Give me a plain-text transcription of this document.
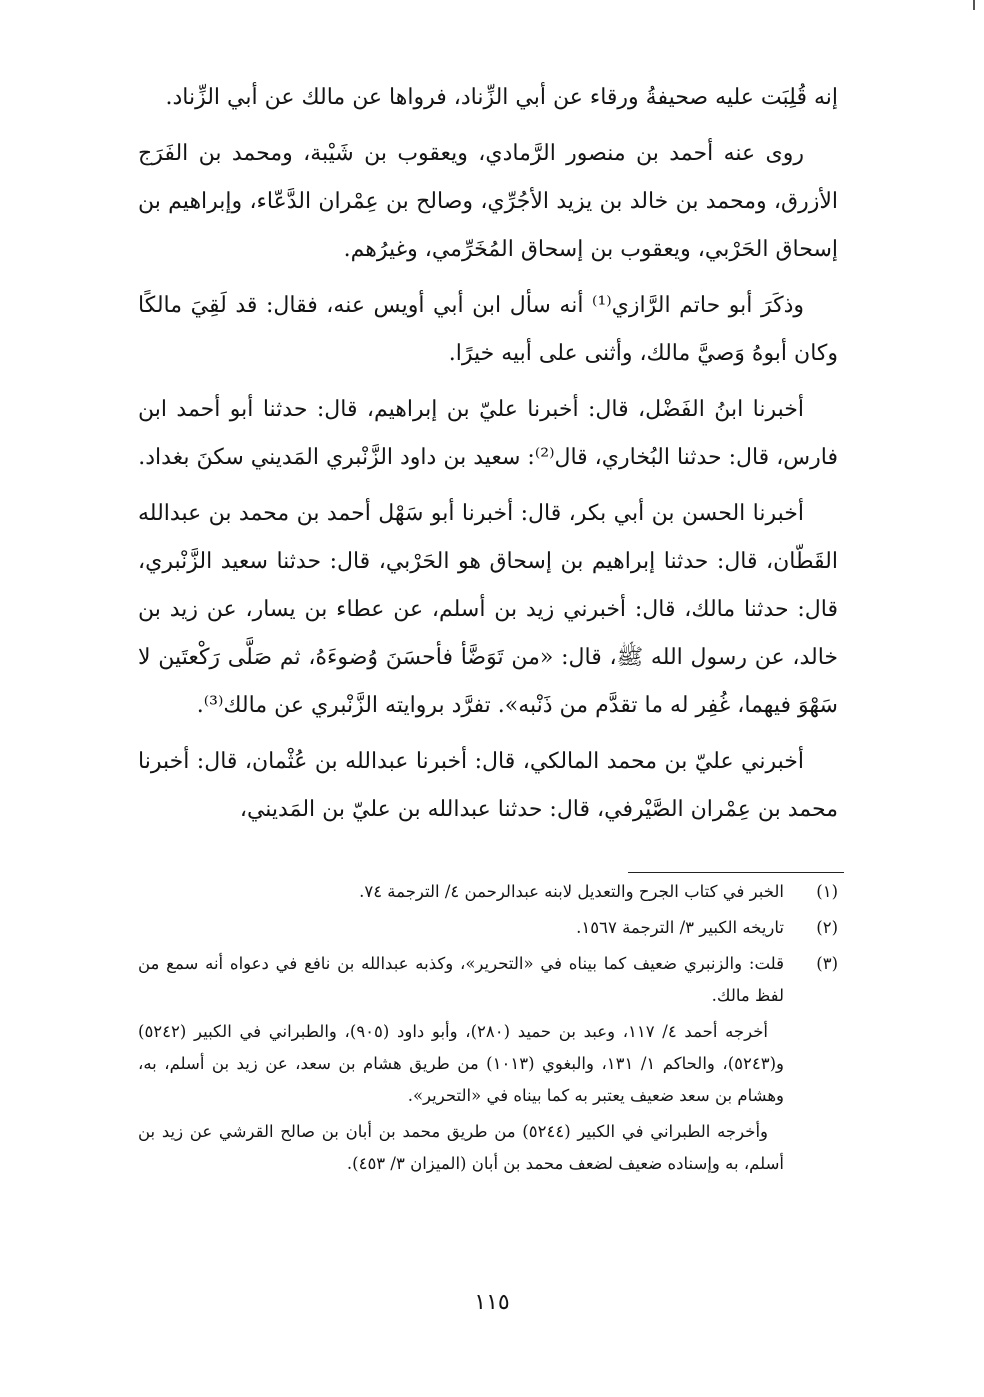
إنه قُلِبَت عليه صحيفةُ ورقاء عن أبي الزِّناد، فرواها عن مالك عن أبي الزِّناد.

روى عنه أحمد بن منصور الرَّمادي، ويعقوب بن شَيْبة، ومحمد بن الفَرَج الأزرق، ومحمد بن خالد بن يزيد الأجُرِّي، وصالح بن عِمْران الدَّعّاء، وإبراهيم بن إسحاق الحَرْبي، ويعقوب بن إسحاق المُخَرِّمي، وغيرُهم.

وذكَرَ أبو حاتم الرَّازي⁽¹⁾ أنه سأل ابن أبي أويس عنه، فقال: قد لَقِيَ مالكًا وكان أبوهُ وَصيَّ مالك، وأثنى على أبيه خيرًا.

أخبرنا ابنُ الفَضْل، قال: أخبرنا عليّ بن إبراهيم، قال: حدثنا أبو أحمد ابن فارس، قال: حدثنا البُخاري، قال⁽²⁾: سعيد بن داود الزَّنْبري المَديني سكنَ بغداد.

أخبرنا الحسن بن أبي بكر، قال: أخبرنا أبو سَهْل أحمد بن محمد بن عبدالله القَطّان، قال: حدثنا إبراهيم بن إسحاق هو الحَرْبي، قال: حدثنا سعيد الزَّنْبري، قال: حدثنا مالك، قال: أخبرني زيد بن أسلم، عن عطاء بن يسار، عن زيد بن خالد، عن رسول الله ﷺ، قال: «من تَوَضَّأ فأحسَنَ وُضوءَهُ، ثم صَلَّى رَكْعتَين لا سَهْوَ فيهما، غُفِر له ما تقدَّم من ذَنْبه». تفرَّد بروايته الزَّنْبري عن مالك⁽³⁾.

أخبرني عليّ بن محمد المالكي، قال: أخبرنا عبدالله بن عُثْمان، قال: أخبرنا محمد بن عِمْران الصَّيْرفي، قال: حدثنا عبدالله بن عليّ بن المَديني،

(١)

الخبر في كتاب الجرح والتعديل لابنه عبدالرحمن ٤/ الترجمة ٧٤.

(٢)

تاريخه الكبير ٣/ الترجمة ١٥٦٧.

(٣)

قلت: والزنبري ضعيف كما بيناه في «التحرير»، وكذبه عبدالله بن نافع في دعواه أنه سمع من لفظ مالك.

أخرجه أحمد ٤/ ١١٧، وعبد بن حميد (٢٨٠)، وأبو داود (٩٠٥)، والطبراني في الكبير (٥٢٤٢) و(٥٢٤٣)، والحاكم ١/ ١٣١، والبغوي (١٠١٣) من طريق هشام بن سعد، عن زيد بن أسلم، به، وهشام بن سعد ضعيف يعتبر به كما بيناه في «التحرير».

وأخرجه الطبراني في الكبير (٥٢٤٤) من طريق محمد بن أبان بن صالح القرشي عن زيد بن أسلم، به وإسناده ضعيف لضعف محمد بن أبان (الميزان ٣/ ٤٥٣).

١١٥
